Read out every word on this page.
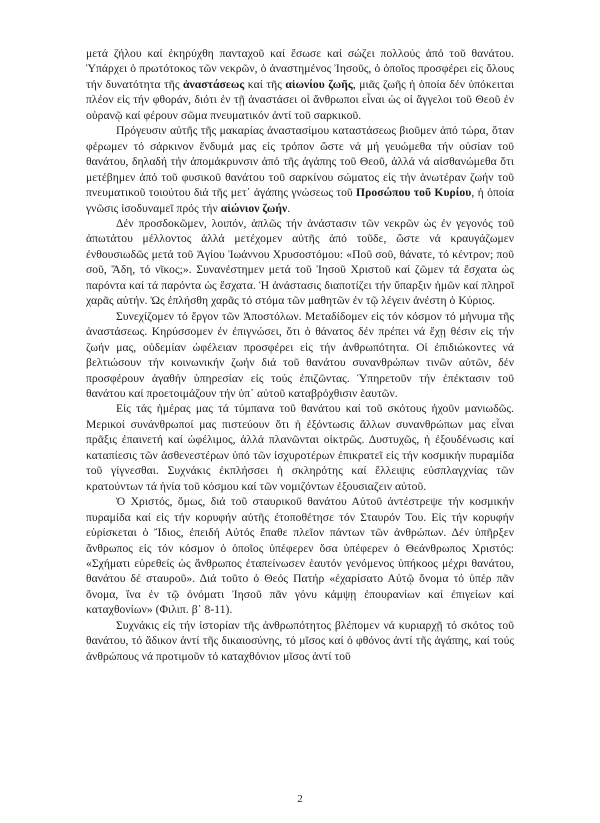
μετά ζήλου καί ἐκηρύχθη πανταχοῦ καί ἔσωσε καί σώζει πολλούς ἀπό τοῦ θανάτου. Ὑπάρχει ὁ πρωτότοκος τῶν νεκρῶν, ὁ ἀναστημένος Ἰησοῦς, ὁ ὁποῖος προσφέρει εἰς ὅλους τήν δυνατότητα τῆς ἀναστάσεως καί τῆς αἰωνίου ζωῆς, μιᾶς ζωῆς ἡ ὁποία δέν ὑπόκειται πλέον εἰς τήν φθοράν, διότι ἐν τῇ ἀναστάσει οἱ ἄνθρωποι εἶναι ὡς οἱ ἄγγελοι τοῦ Θεοῦ ἐν οὐρανῷ καί φέρουν σῶμα πνευματικόν ἀντί τοῦ σαρκικοῦ.

Πρόγευσιν αὐτῆς τῆς μακαρίας ἀναστασίμου καταστάσεως βιοῦμεν ἀπό τώρα, ὅταν φέρωμεν τό σάρκινον ἔνδυμά μας εἰς τρόπον ὥστε νά μή γευώμεθα τήν οὐσίαν τοῦ θανάτου, δηλαδή τήν ἀπομάκρυνσιν ἀπό τῆς ἀγάπης τοῦ Θεοῦ, ἀλλά νά αἰσθανώμεθα ὅτι μετέβημεν ἀπό τοῦ φυσικοῦ θανάτου τοῦ σαρκίνου σώματος εἰς τήν ἀνωτέραν ζωήν τοῦ πνευματικοῦ τοιούτου διά τῆς μετ᾽ ἀγάπης γνώσεως τοῦ Προσώπου τοῦ Κυρίου, ἡ ὁποία γνῶσις ἰσοδυναμεῖ πρός τήν αἰώνιον ζωήν.

Δέν προσδοκῶμεν, λοιπόν, ἁπλῶς τήν ἀνάστασιν τῶν νεκρῶν ὡς ἐν γεγονός τοῦ ἀπωτάτου μέλλοντος ἀλλά μετέχομεν αὐτῆς ἀπό τοῦδε, ὥστε νά κραυγάζωμεν ἐνθουσιωδῶς μετά τοῦ Ἁγίου Ἰωάννου Χρυσοστόμου: «Ποῦ σοῦ, θάνατε, τό κέντρον; ποῦ σοῦ, Ἅδη, τό νῖκος;». Συνανέστημεν μετά τοῦ Ἰησοῦ Χριστοῦ καί ζῶμεν τά ἔσχατα ὡς παρόντα καί τά παρόντα ὡς ἔσχατα. Ἡ ἀνάστασις διαποτίζει τήν ὕπαρξιν ἡμῶν καί πληροῖ χαρᾶς αὐτήν. Ὡς ἐπλήσθη χαρᾶς τό στόμα τῶν μαθητῶν ἐν τῷ λέγειν ἀνέστη ὁ Κύριος.

Συνεχίζομεν τό ἔργον τῶν Ἀποστόλων. Μεταδίδομεν εἰς τόν κόσμον τό μήνυμα τῆς ἀναστάσεως. Κηρύσσομεν ἐν ἐπιγνώσει, ὅτι ὁ θάνατος δέν πρέπει νά ἔχῃ θέσιν εἰς τήν ζωήν μας, οὐδεμίαν ὠφέλειαν προσφέρει εἰς τήν ἀνθρωπότητα. Οἱ ἐπιδιώκοντες νά βελτιώσουν τήν κοινωνικήν ζωήν διά τοῦ θανάτου συνανθρώπων τινῶν αὐτῶν, δέν προσφέρουν ἀγαθήν ὑπηρεσίαν εἰς τούς ἐπιζῶντας. Ὑπηρετοῦν τήν ἐπέκτασιν τοῦ θανάτου καί προετοιμάζουν τήν ὑπ᾽ αὐτοῦ καταβρόχθισιν ἑαυτῶν.

Εἰς τάς ἡμέρας μας τά τύμπανα τοῦ θανάτου καί τοῦ σκότους ἠχοῦν μανιωδῶς. Μερικοί συνάνθρωποί μας πιστεύουν ὅτι ἡ ἐξόντωσις ἄλλων συνανθρώπων μας εἶναι πρᾶξις ἐπαινετή καί ὠφέλιμος, ἀλλά πλανῶνται οἰκτρῶς. Δυστυχῶς, ἡ ἐξουδένωσις καί καταπίεσις τῶν ἀσθενεστέρων ὑπό τῶν ἰσχυροτέρων ἐπικρατεῖ εἰς τήν κοσμικήν πυραμίδα τοῦ γίγνεσθαι. Συχνάκις ἐκπλήσσει ἡ σκληρότης καί ἔλλειψις εὐσπλαγχνίας τῶν κρατούντων τά ἡνία τοῦ κόσμου καί τῶν νομιζόντων ἐξουσιαζειν αὐτοῦ.

Ὁ Χριστός, ὅμως, διά τοῦ σταυρικοῦ θανάτου Αὐτοῦ ἀντέστρεψε τήν κοσμικήν πυραμίδα καί εἰς τήν κορυφήν αὐτῆς ἐτοποθέτησε τόν Σταυρόν Του. Εἰς τήν κορυφήν εὑρίσκεται ὁ Ἴδιος, ἐπειδή Αὐτός ἔπαθε πλεῖον πάντων τῶν ἀνθρώπων. Δέν ὑπῆρξεν ἄνθρωπος εἰς τόν κόσμον ὁ ὁποῖος ὑπέφερεν ὅσα ὑπέφερεν ὁ Θεάνθρωπος Χριστός: «Σχήματι εὑρεθείς ὡς ἄνθρωπος ἐταπείνωσεν ἑαυτόν γενόμενος ὑπήκοος μέχρι θανάτου, θανάτου δέ σταυροῦ». Διά τοῦτο ὁ Θεός Πατήρ «ἐχαρίσατο Αὐτῷ ὄνομα τό ὑπέρ πᾶν ὄνομα, ἵνα ἐν τῷ ὀνόματι Ἰησοῦ πᾶν γόνυ κάμψῃ ἐπουρανίων καί ἐπιγείων καί καταχθονίων» (Φιλιπ. β᾽ 8-11).

Συχνάκις εἰς τήν ἱστορίαν τῆς ἀνθρωπότητος βλέπομεν νά κυριαρχῇ τό σκότος τοῦ θανάτου, τό ἄδικον ἀντί τῆς δικαιοσύνης, τό μῖσος καί ὁ φθόνος ἀντί τῆς ἀγάπης, καί τούς ἀνθρώπους νά προτιμοῦν τό καταχθόνιον μῖσος ἀντί τοῦ

2
